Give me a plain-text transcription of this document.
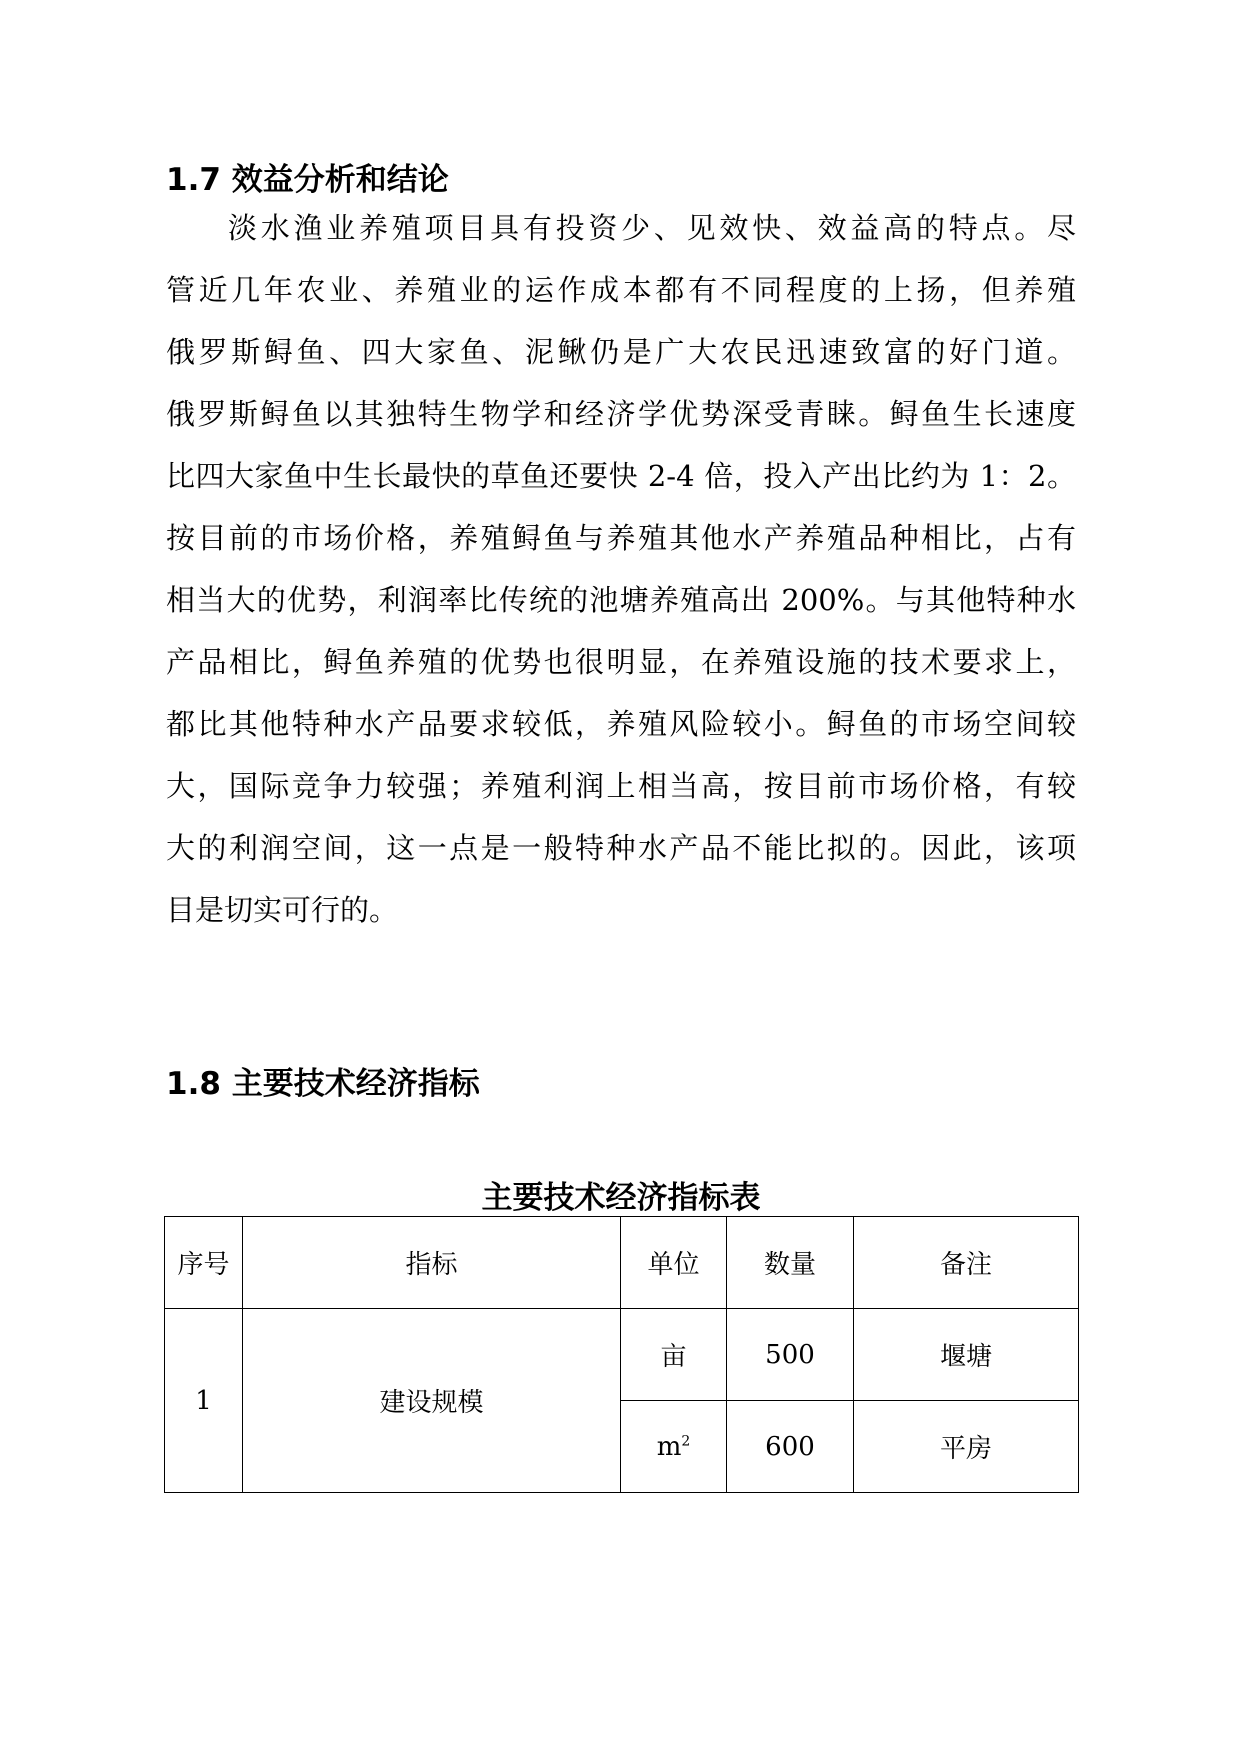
1.7 效益分析和结论

淡水渔业养殖项目具有投资少、见效快、效益高的特点。尽

管近几年农业、养殖业的运作成本都有不同程度的上扬，但养殖

俄罗斯鲟鱼、四大家鱼、泥鳅仍是广大农民迅速致富的好门道。

俄罗斯鲟鱼以其独特生物学和经济学优势深受青睐。鲟鱼生长速度

比四大家鱼中生长最快的草鱼还要快 2-4 倍，投入产出比约为 1：2。

按目前的市场价格，养殖鲟鱼与养殖其他水产养殖品种相比，占有

相当大的优势，利润率比传统的池塘养殖高出 200%。与其他特种水

产品相比，鲟鱼养殖的优势也很明显，在养殖设施的技术要求上，

都比其他特种水产品要求较低，养殖风险较小。鲟鱼的市场空间较

大，国际竞争力较强；养殖利润上相当高，按目前市场价格，有较

大的利润空间，这一点是一般特种水产品不能比拟的。因此，该项

目是切实可行的。

1.8 主要技术经济指标
主要技术经济指标表
序号	指标	单位	数量	备注
1	建设规模	亩	500	堰塘
		$m^2$	600	平房
